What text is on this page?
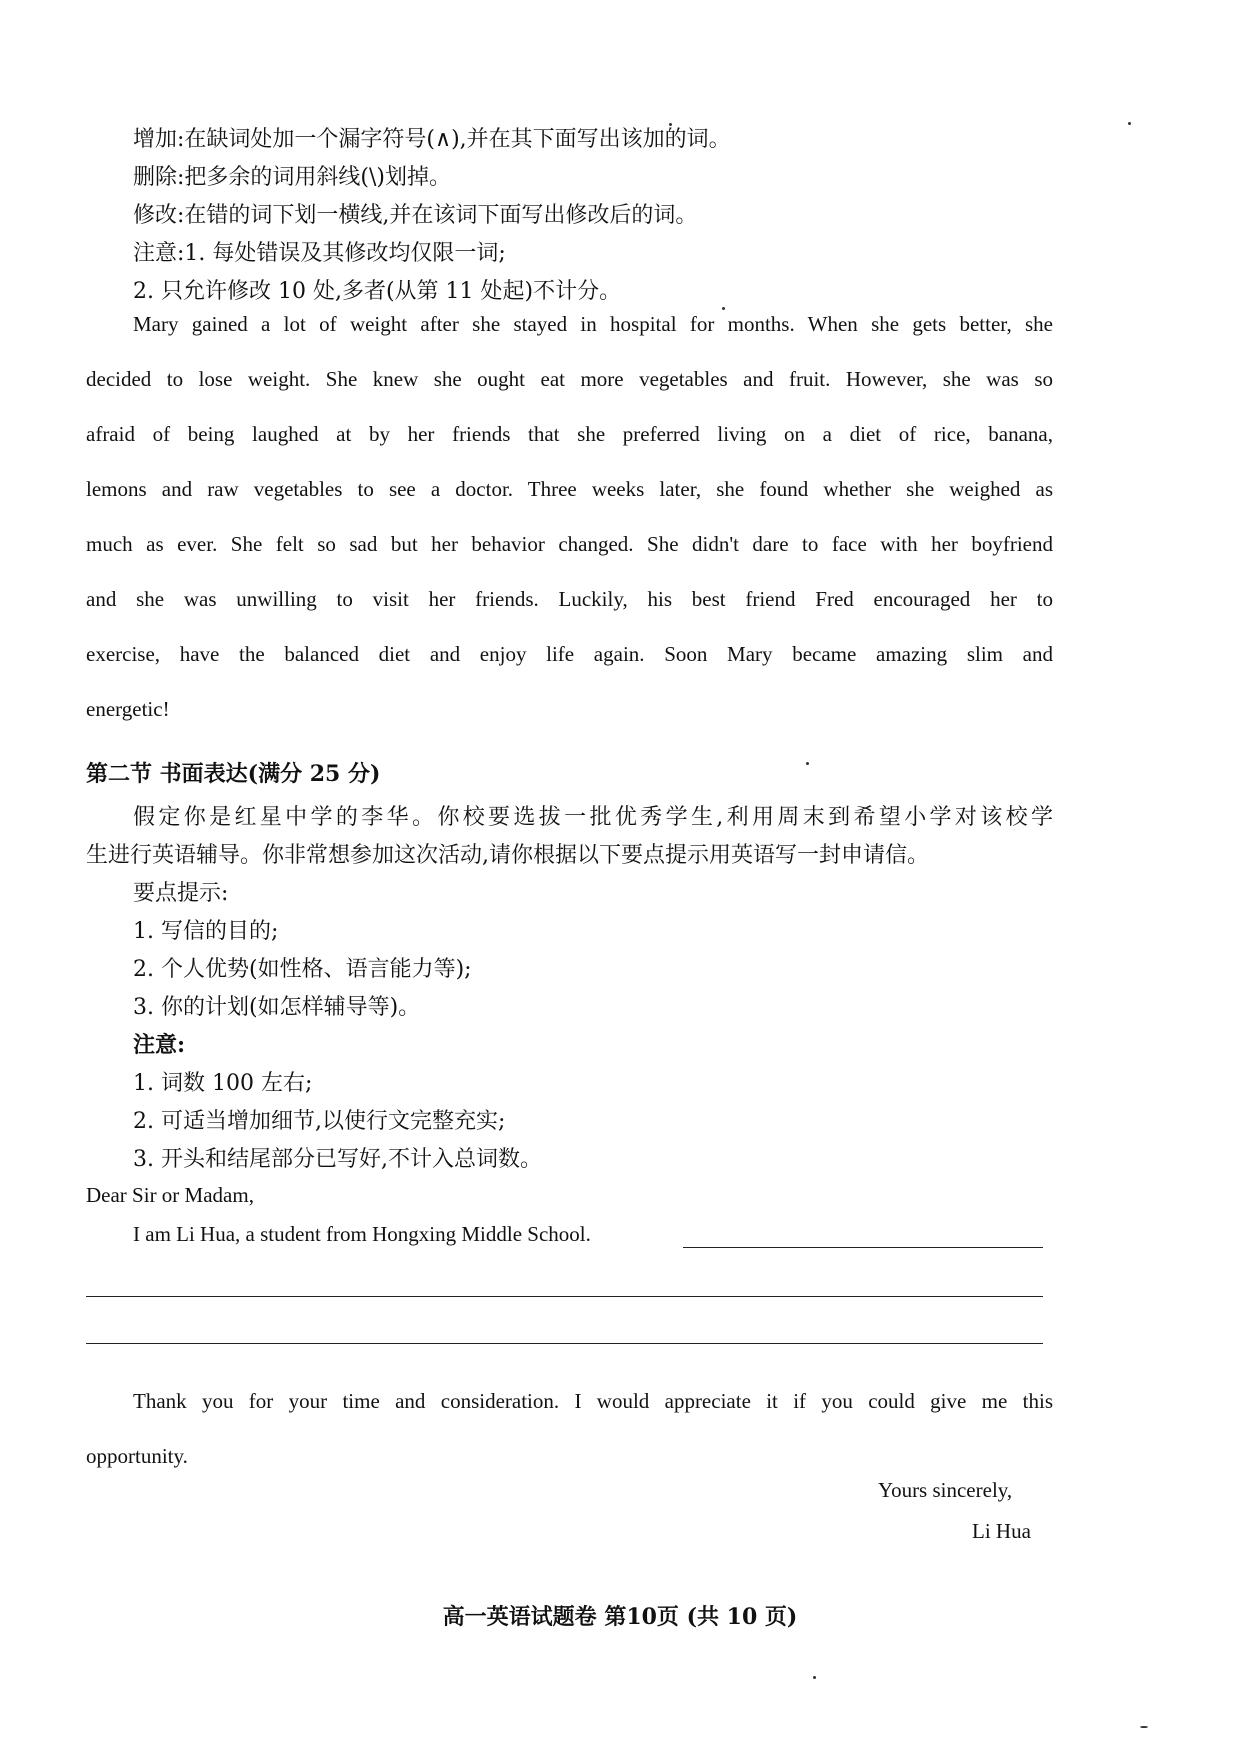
增加:在缺词处加一个漏字符号(∧),并在其下面写出该加的词。
删除:把多余的词用斜线(\)划掉。
修改:在错的词下划一横线,并在该词下面写出修改后的词。
注意:1. 每处错误及其修改均仅限一词;
2. 只允许修改 10 处,多者(从第 11 处起)不计分。
Mary gained a lot of weight after she stayed in hospital for months. When she gets better, she
decided to lose weight. She knew she ought eat more vegetables and fruit. However, she was so
afraid of being laughed at by her friends that she preferred living on a diet of rice, banana,
lemons and raw vegetables to see a doctor. Three weeks later, she found whether she weighed as
much as ever. She felt so sad but her behavior changed. She didn't dare to face with her boyfriend
and she was unwilling to visit her friends. Luckily, his best friend Fred encouraged her to
exercise, have the balanced diet and enjoy life again. Soon Mary became amazing slim and
energetic!
第二节 书面表达(满分 25 分)
假定你是红星中学的李华。你校要选拔一批优秀学生,利用周末到希望小学对该校学
生进行英语辅导。你非常想参加这次活动,请你根据以下要点提示用英语写一封申请信。
要点提示:
1. 写信的目的;
2. 个人优势(如性格、语言能力等);
3. 你的计划(如怎样辅导等)。
注意:
1. 词数 100 左右;
2. 可适当增加细节,以使行文完整充实;
3. 开头和结尾部分已写好,不计入总词数。
Dear Sir or Madam,
I am Li Hua, a student from Hongxing Middle School.
Thank you for your time and consideration. I would appreciate it if you could give me this
opportunity.
Yours sincerely,
Li Hua
高一英语试题卷 第10页 (共 10 页)
